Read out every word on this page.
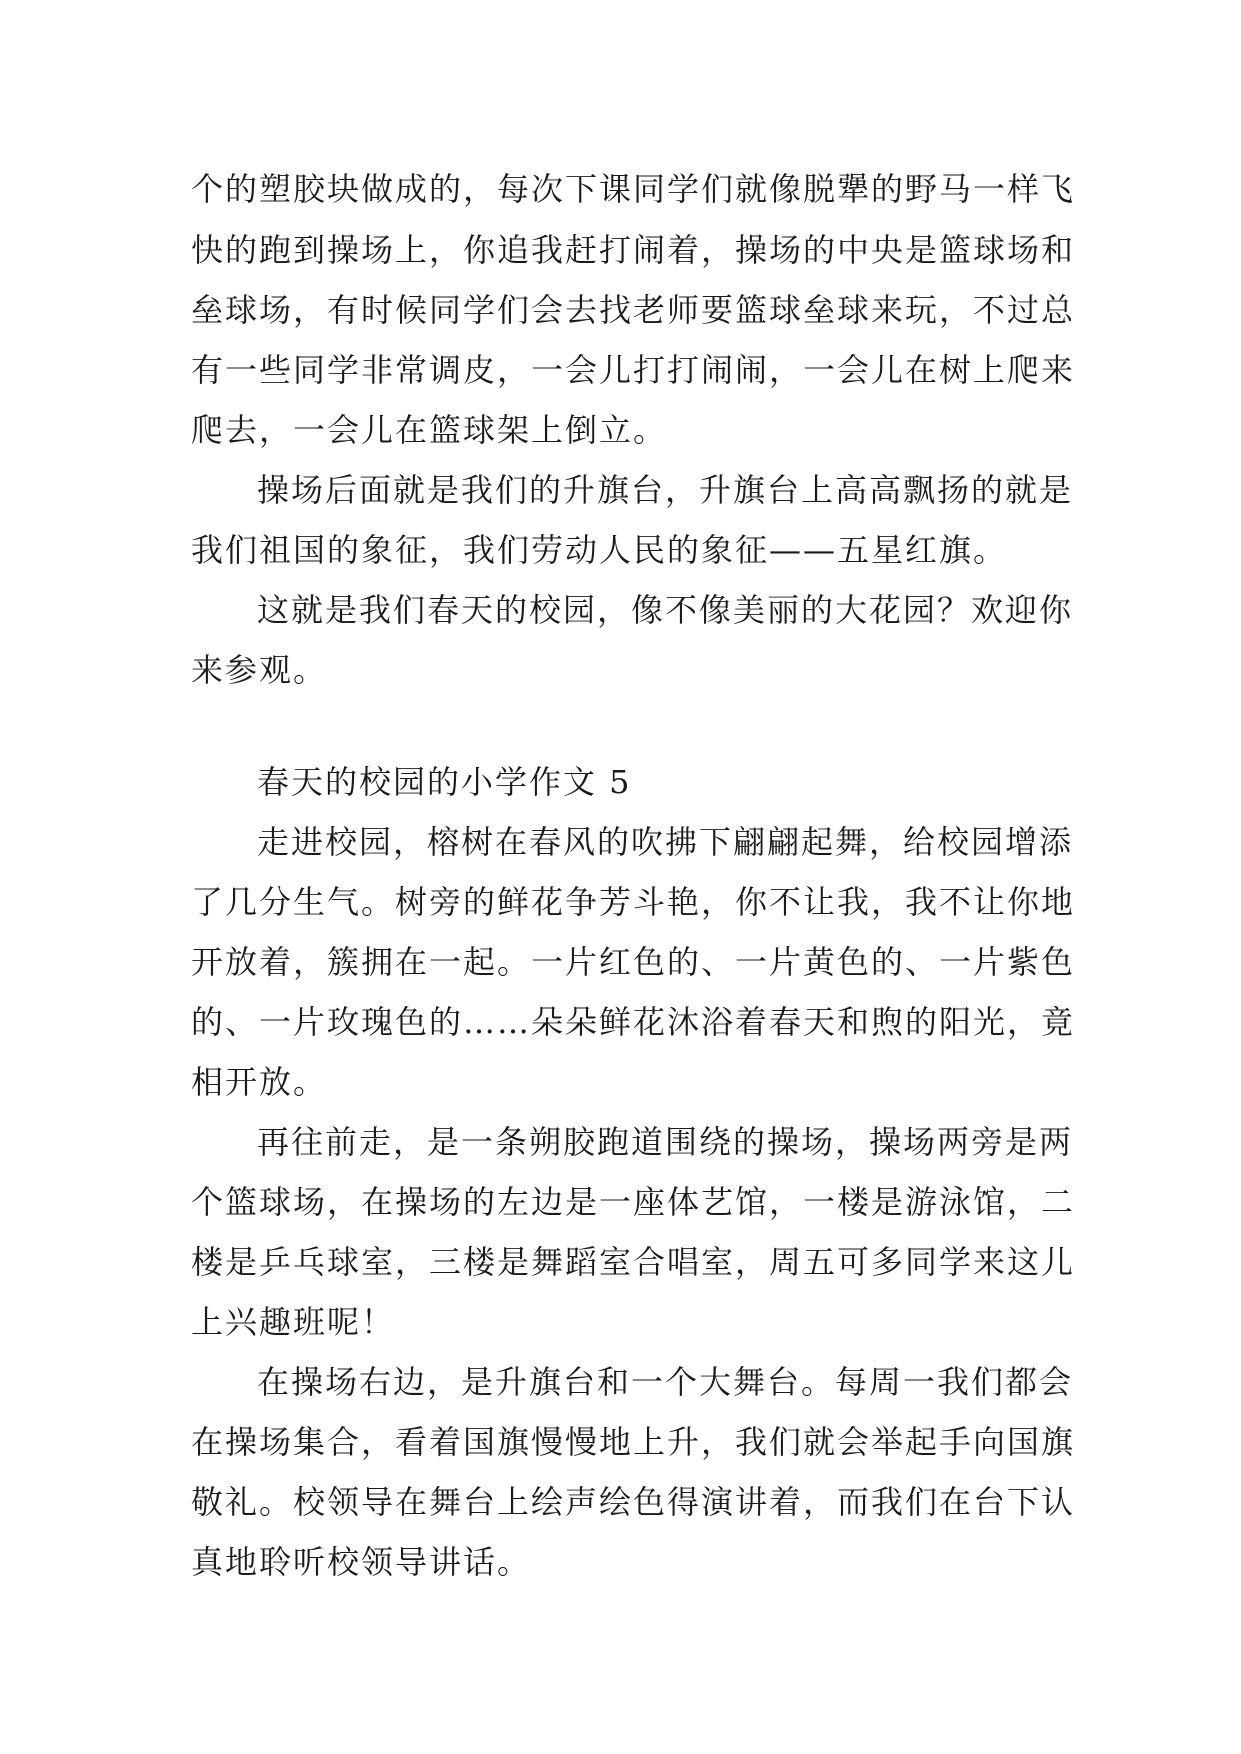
个的塑胶块做成的，每次下课同学们就像脱犟的野马一样飞
快的跑到操场上，你追我赶打闹着，操场的中央是篮球场和
垒球场，有时候同学们会去找老师要篮球垒球来玩，不过总
有一些同学非常调皮，一会儿打打闹闹，一会儿在树上爬来
爬去，一会儿在篮球架上倒立。
操场后面就是我们的升旗台，升旗台上高高飘扬的就是
我们祖国的象征，我们劳动人民的象征——五星红旗。
这就是我们春天的校园，像不像美丽的大花园？欢迎你
来参观。
春天的校园的小学作文 5
走进校园，榕树在春风的吹拂下翩翩起舞，给校园增添
了几分生气。树旁的鲜花争芳斗艳，你不让我，我不让你地
开放着，簇拥在一起。一片红色的、一片黄色的、一片紫色
的、一片玫瑰色的……朵朵鲜花沐浴着春天和煦的阳光，竟
相开放。
再往前走，是一条朔胶跑道围绕的操场，操场两旁是两
个篮球场，在操场的左边是一座体艺馆，一楼是游泳馆，二
楼是乒乓球室，三楼是舞蹈室合唱室，周五可多同学来这儿
上兴趣班呢！
在操场右边，是升旗台和一个大舞台。每周一我们都会
在操场集合，看着国旗慢慢地上升，我们就会举起手向国旗
敬礼。校领导在舞台上绘声绘色得演讲着，而我们在台下认
真地聆听校领导讲话。
